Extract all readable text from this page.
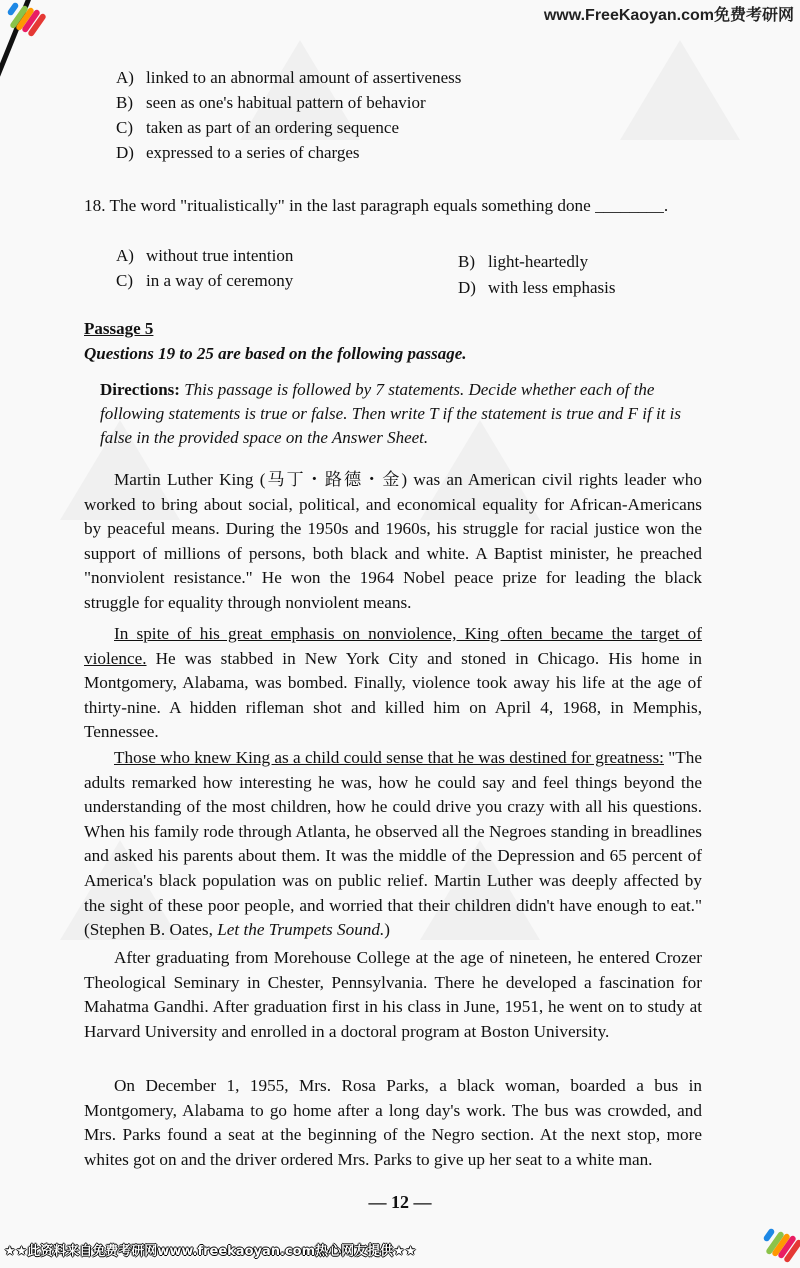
www.FreeKaoyan.com免费考研网
A) linked to an abnormal amount of assertiveness
B) seen as one's habitual pattern of behavior
C) taken as part of an ordering sequence
D) expressed to a series of charges
18. The word "ritualistically" in the last paragraph equals something done ________.
A) without true intention	B) light-heartedly
C) in a way of ceremony	D) with less emphasis
Passage 5
Questions 19 to 25 are based on the following passage.
Directions: This passage is followed by 7 statements. Decide whether each of the following statements is true or false. Then write T if the statement is true and F if it is false in the provided space on the Answer Sheet.
Martin Luther King (马丁・路德・金) was an American civil rights leader who worked to bring about social, political, and economical equality for African-Americans by peaceful means. During the 1950s and 1960s, his struggle for racial justice won the support of millions of persons, both black and white. A Baptist minister, he preached "nonviolent resistance." He won the 1964 Nobel peace prize for leading the black struggle for equality through nonviolent means.
In spite of his great emphasis on nonviolence, King often became the target of violence. He was stabbed in New York City and stoned in Chicago. His home in Montgomery, Alabama, was bombed. Finally, violence took away his life at the age of thirty-nine. A hidden rifleman shot and killed him on April 4, 1968, in Memphis, Tennessee.
Those who knew King as a child could sense that he was destined for greatness: "The adults remarked how interesting he was, how he could say and feel things beyond the understanding of the most children, how he could drive you crazy with all his questions. When his family rode through Atlanta, he observed all the Negroes standing in breadlines and asked his parents about them. It was the middle of the Depression and 65 percent of America's black population was on public relief. Martin Luther was deeply affected by the sight of these poor people, and worried that their children didn't have enough to eat." (Stephen B. Oates, Let the Trumpets Sound.)
After graduating from Morehouse College at the age of nineteen, he entered Crozer Theological Seminary in Chester, Pennsylvania. There he developed a fascination for Mahatma Gandhi. After graduation first in his class in June, 1951, he went on to study at Harvard University and enrolled in a doctoral program at Boston University.
On December 1, 1955, Mrs. Rosa Parks, a black woman, boarded a bus in Montgomery, Alabama to go home after a long day's work. The bus was crowded, and Mrs. Parks found a seat at the beginning of the Negro section. At the next stop, more whites got on and the driver ordered Mrs. Parks to give up her seat to a white man.
— 12 —
★★此资料来自免费考研网www.freekaoyan.com热心网友提供★★
